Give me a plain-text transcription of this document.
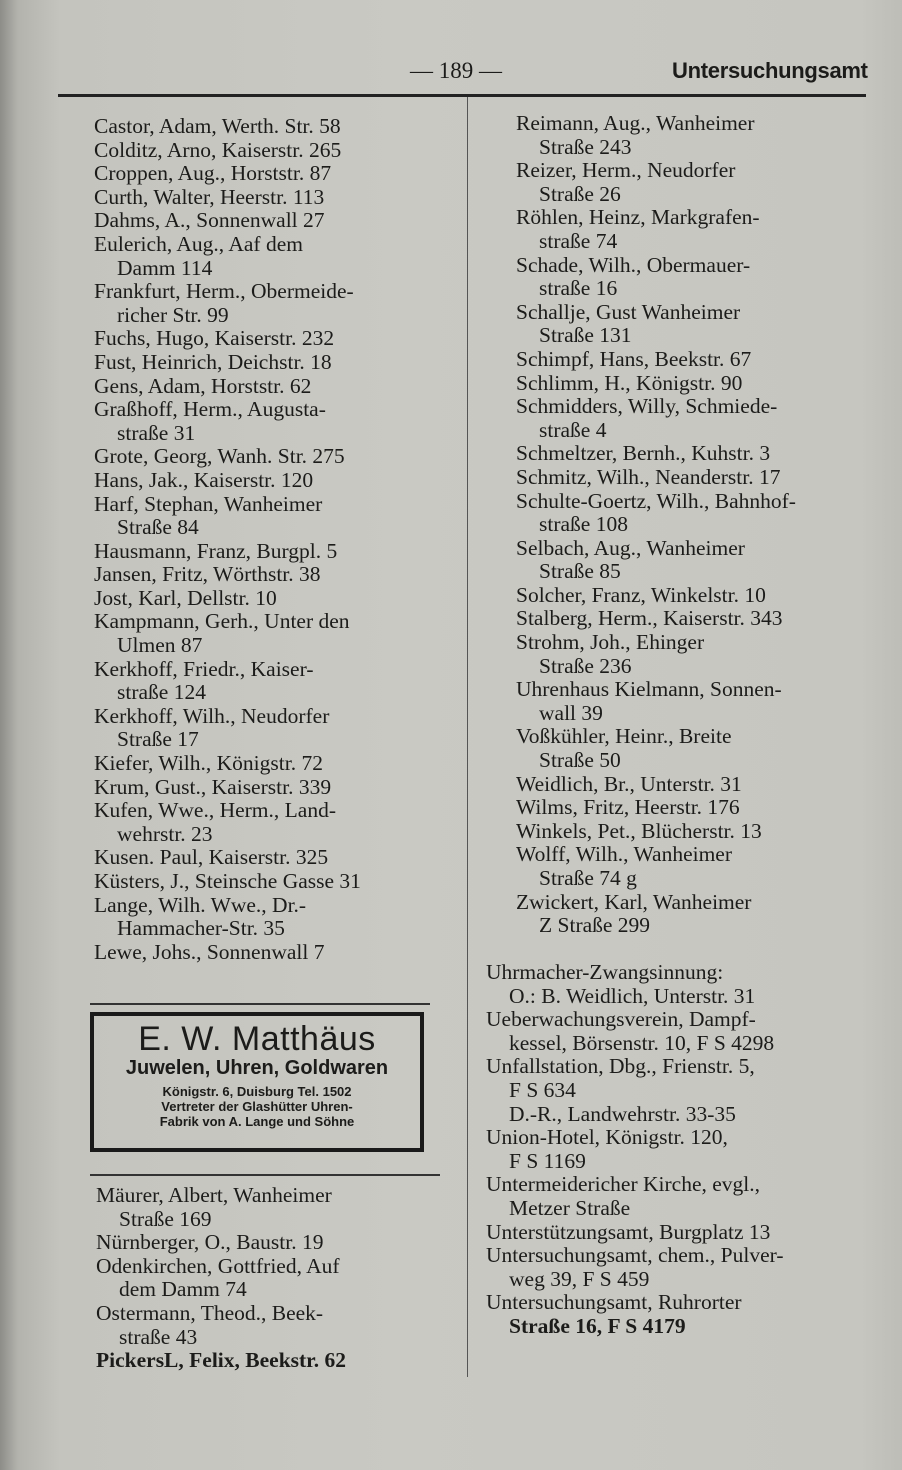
— 189 —	Untersuchungsamt
Castor, Adam, Werth. Str. 58
Colditz, Arno, Kaiserstr. 265
Croppen, Aug., Horststr. 87
Curth, Walter, Heerstr. 113
Dahms, A., Sonnenwall 27
Eulerich, Aug., Aaf dem
Damm 114
Frankfurt, Herm., Obermeide-
richer Str. 99
Fuchs, Hugo, Kaiserstr. 232
Fust, Heinrich, Deichstr. 18
Gens, Adam, Horststr. 62
Graßhoff, Herm., Augusta-
straße 31
Grote, Georg, Wanh. Str. 275
Hans, Jak., Kaiserstr. 120
Harf, Stephan, Wanheimer
Straße 84
Hausmann, Franz, Burgpl. 5
Jansen, Fritz, Wörthstr. 38
Jost, Karl, Dellstr. 10
Kampmann, Gerh., Unter den
Ulmen 87
Kerkhoff, Friedr., Kaiser-
straße 124
Kerkhoff, Wilh., Neudorfer
Straße 17
Kiefer, Wilh., Königstr. 72
Krum, Gust., Kaiserstr. 339
Kufen, Wwe., Herm., Land-
wehrstr. 23
Kusen. Paul, Kaiserstr. 325
Küsters, J., Steinsche Gasse 31
Lange, Wilh. Wwe., Dr.-
Hammacher-Str. 35
Lewe, Johs., Sonnenwall 7
E. W. Matthäus
Juwelen, Uhren, Goldwaren
Königstr. 6, Duisburg Tel. 1502
Vertreter der Glashütter Uhren-
Fabrik von A. Lange und Söhne
Mäurer, Albert, Wanheimer
Straße 169
Nürnberger, O., Baustr. 19
Odenkirchen, Gottfried, Auf
dem Damm 74
Ostermann, Theod., Beek-
straße 43
PickersL, Felix, Beekstr. 62
Reimann, Aug., Wanheimer
Straße 243
Reizer, Herm., Neudorfer
Straße 26
Röhlen, Heinz, Markgrafen-
straße 74
Schade, Wilh., Obermauer-
straße 16
Schallje, Gust Wanheimer
Straße 131
Schimpf, Hans, Beekstr. 67
Schlimm, H., Königstr. 90
Schmidders, Willy, Schmiede-
straße 4
Schmeltzer, Bernh., Kuhstr. 3
Schmitz, Wilh., Neanderstr. 17
Schulte-Goertz, Wilh., Bahnhof-
straße 108
Selbach, Aug., Wanheimer
Straße 85
Solcher, Franz, Winkelstr. 10
Stalberg, Herm., Kaiserstr. 343
Strohm, Joh., Ehinger
Straße 236
Uhrenhaus Kielmann, Sonnen-
wall 39
Voßkühler, Heinr., Breite
Straße 50
Weidlich, Br., Unterstr. 31
Wilms, Fritz, Heerstr. 176
Winkels, Pet., Blücherstr. 13
Wolff, Wilh., Wanheimer
Straße 74 g
Zwickert, Karl, Wanheimer
Z Straße 299
Uhrmacher-Zwangsinnung:
O.: B. Weidlich, Unterstr. 31
Ueberwachungsverein, Dampf-
kessel, Börsenstr. 10, F S 4298
Unfallstation, Dbg., Frienstr. 5,
F S 634
D.-R., Landwehrstr. 33-35
Union-Hotel, Königstr. 120,
F S 1169
Untermeidericher Kirche, evgl.,
Metzer Straße
Unterstützungsamt, Burgplatz 13
Untersuchungsamt, chem., Pulver-
weg 39, F S 459
Untersuchungsamt, Ruhrorter
Straße 16, F S 4179
